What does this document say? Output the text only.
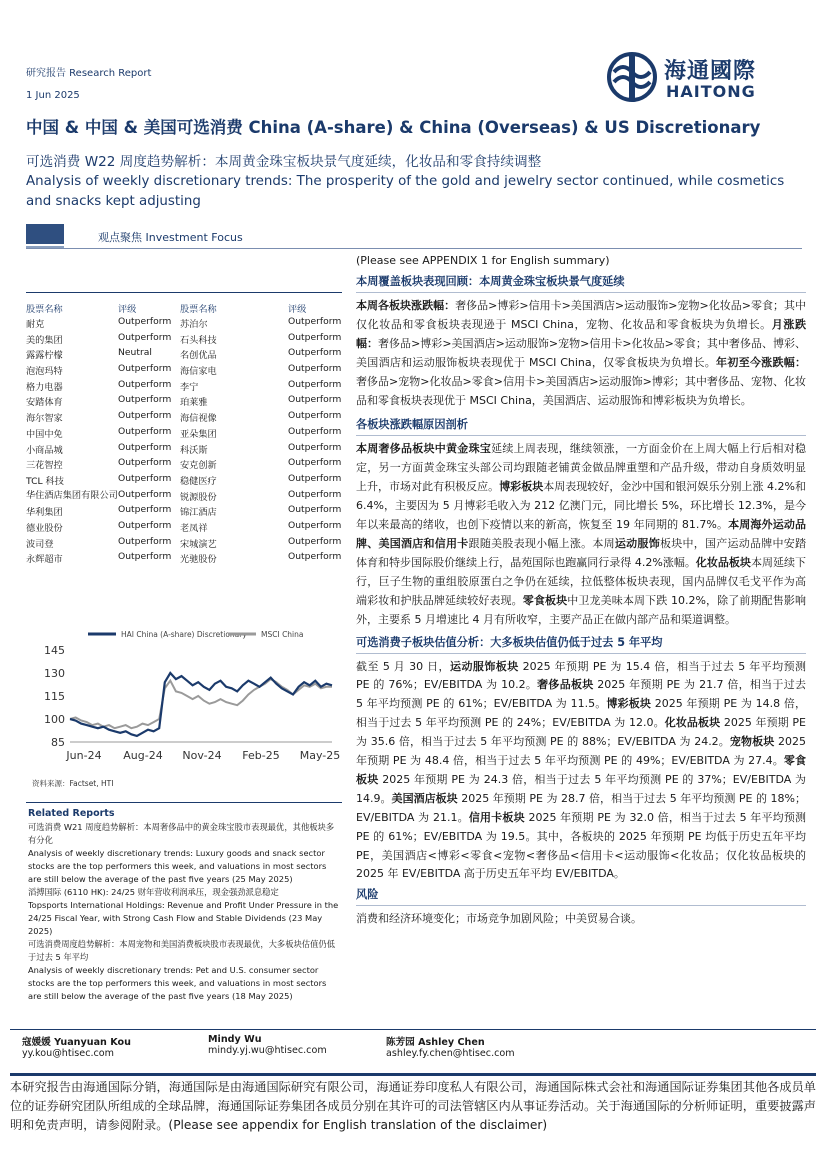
研究报告 Research Report
1 Jun 2025
海通國際
HAITONG
中国 & 中国 & 美国可选消费 China (A-share) & China (Overseas) & US Discretionary
可选消费 W22 周度趋势解析：本周黄金珠宝板块景气度延续，化妆品和零食持续调整
Analysis of weekly discretionary trends: The prosperity of the gold and jewelry sector continued, while cosmetics and snacks kept adjusting
观点聚焦 Investment Focus
股票名称	评级	股票名称	评级
耐克	Outperform	苏泊尔	Outperform
美的集团	Outperform	石头科技	Outperform
露露柠檬	Neutral	名创优品	Outperform
泡泡玛特	Outperform	海信家电	Outperform
格力电器	Outperform	李宁	Outperform
安踏体育	Outperform	珀莱雅	Outperform
海尔智家	Outperform	海信视像	Outperform
中国中免	Outperform	亚朵集团	Outperform
小商品城	Outperform	科沃斯	Outperform
三花智控	Outperform	安克创新	Outperform
TCL 科技	Outperform	稳健医疗	Outperform
华住酒店集团有限公司	Outperform	锐源股份	Outperform
华利集团	Outperform	锦江酒店	Outperform
德业股份	Outperform	老凤祥	Outperform
波司登	Outperform	宋城演艺	Outperform
永辉超市	Outperform	光驰股份	Outperform
HAI China (A-share) Discretionary MSCI China
85
100
115
130
145
Jun-24 Aug-24 Nov-24 Feb-25 May-25
资料来源：Factset, HTI
Related Reports

可选消费 W21 周度趋势解析：本周奢侈品中的黄金珠宝股市表现最优，其他板块多有分化

Analysis of weekly discretionary trends: Luxury goods and snack sector stocks are the top performers this week, and valuations in most sectors are still below the average of the past five years (25 May 2025)

滔搏国际 (6110 HK): 24/25 财年营收利润承压，现金强劲派息稳定

Topsports International Holdings: Revenue and Profit Under Pressure in the 24/25 Fiscal Year, with Strong Cash Flow and Stable Dividends (23 May 2025)

可选消费周度趋势解析：本周宠物和美国消费板块股市表现最优，大多板块估值仍低于过去 5 年平均

Analysis of weekly discretionary trends: Pet and U.S. consumer sector stocks are the top performers this week, and valuations in most sectors are still below the average of the past five years (18 May 2025)

(Please see APPENDIX 1 for English summary)
本周覆盖板块表现回顾：本周黄金珠宝板块景气度延续

本周各板块涨跌幅：奢侈品>博彩>信用卡>美国酒店>运动服饰>宠物>化妆品>零食；其中仅化妆品和零食板块表现逊于 MSCI China，宠物、化妆品和零食板块为负增长。月涨跌幅：奢侈品>博彩>美国酒店>运动服饰>宠物>信用卡>化妆品>零食；其中奢侈品、博彩、美国酒店和运动服饰板块表现优于 MSCI China，仅零食板块为负增长。年初至今涨跌幅：奢侈品>宠物>化妆品>零食>信用卡>美国酒店>运动服饰>博彩；其中奢侈品、宠物、化妆品和零食板块表现优于 MSCI China，美国酒店、运动服饰和博彩板块为负增长。

各板块涨跌幅原因剖析

本周奢侈品板块中黄金珠宝延续上周表现，继续领涨，一方面金价在上周大幅上行后相对稳定，另一方面黄金珠宝头部公司均跟随老铺黄金做品牌重塑和产品升级，带动自身质效明显上升，市场对此有积极反应。博彩板块本周表现较好，金沙中国和银河娱乐分别上涨 4.2%和 6.4%，主要因为 5 月博彩毛收入为 212 亿澳门元，同比增长 5%，环比增长 12.3%，是今年以来最高的绪收，也创下疫情以来的新高，恢复至 19 年同期的 81.7%。本周海外运动品牌、美国酒店和信用卡跟随美股表现小幅上涨。本周运动服饰板块中，国产运动品牌中安踏体育和特步国际股价继续上行，晶苑国际也跑赢同行录得 4.2%涨幅。化妆品板块本周延续下行，巨子生物的重组胶原蛋白之争仍在延续，拉低整体板块表现，国内品牌仅毛戈平作为高端彩妆和护肤品牌延续较好表现。零食板块中卫龙美味本周下跌 10.2%，除了前期配售影响外，主要系 5 月增速比 4 月有所收窄，主要产品正在做内部产品和渠道调整。

可选消费子板块估值分析：大多板块估值仍低于过去 5 年平均

截至 5 月 30 日，运动服饰板块 2025 年预期 PE 为 15.4 倍，相当于过去 5 年平均预测 PE 的 76%；EV/EBITDA 为 10.2。奢侈品板块 2025 年预期 PE 为 21.7 倍，相当于过去 5 年平均预测 PE 的 61%；EV/EBITDA 为 11.5。博彩板块 2025 年预期 PE 为 14.8 倍，相当于过去 5 年平均预测 PE 的 24%；EV/EBITDA 为 12.0。化妆品板块 2025 年预期 PE 为 35.6 倍，相当于过去 5 年平均预测 PE 的 88%；EV/EBITDA 为 24.2。宠物板块 2025 年预期 PE 为 48.4 倍，相当于过去 5 年平均预测 PE 的 49%；EV/EBITDA 为 27.4。零食板块 2025 年预期 PE 为 24.3 倍，相当于过去 5 年平均预测 PE 的 37%；EV/EBITDA 为 14.9。美国酒店板块 2025 年预期 PE 为 28.7 倍，相当于过去 5 年平均预测 PE 的 18%；EV/EBITDA 为 21.1。信用卡板块 2025 年预期 PE 为 32.0 倍，相当于过去 5 年平均预测 PE 的 61%；EV/EBITDA 为 19.5。其中，各板块的 2025 年预期 PE 均低于历史五年平均 PE，美国酒店<博彩<零食<宠物<奢侈品<信用卡<运动服饰<化妆品；仅化妆品板块的 2025 年 EV/EBITDA 高于历史五年平均 EV/EBITDA。

风险

消费和经济环境变化；市场竞争加剧风险；中美贸易合谈。

寇媛媛 Yuanyuan Kou
yy.kou@htisec.com
Mindy Wu
mindy.yj.wu@htisec.com
陈芳园 Ashley Chen
ashley.fy.chen@htisec.com
本研究报告由海通国际分销，海通国际是由海通国际研究有限公司，海通证券印度私人有限公司，海通国际株式会社和海通国际证券集团其他各成员单位的证券研究团队所组成的全球品牌，海通国际证券集团各成员分别在其许可的司法管辖区内从事证券活动。关于海通国际的分析师证明，重要披露声明和免责声明，请参阅附录。(Please see appendix for English translation of the disclaimer)
